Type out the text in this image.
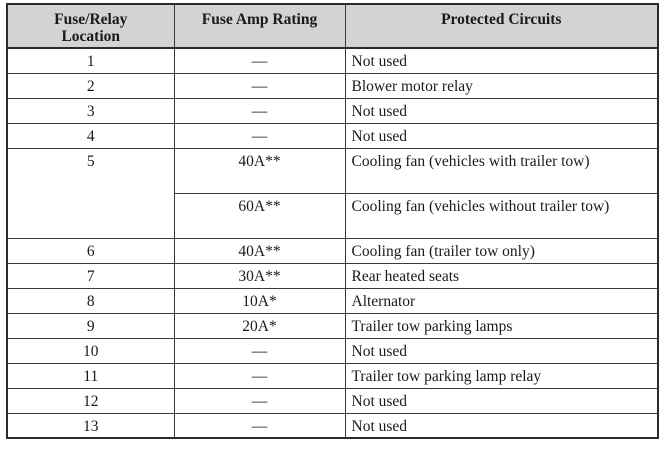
Fuse/Relay Location	Fuse Amp Rating	Protected Circuits
1	—	Not used
2	—	Blower motor relay
3	—	Not used
4	—	Not used
5	40A**	Cooling fan (vehicles with trailer tow)
	60A**	Cooling fan (vehicles without trailer tow)
6	40A**	Cooling fan (trailer tow only)
7	30A**	Rear heated seats
8	10A*	Alternator
9	20A*	Trailer tow parking lamps
10	—	Not used
11	—	Trailer tow parking lamp relay
12	—	Not used
13	—	Not used
